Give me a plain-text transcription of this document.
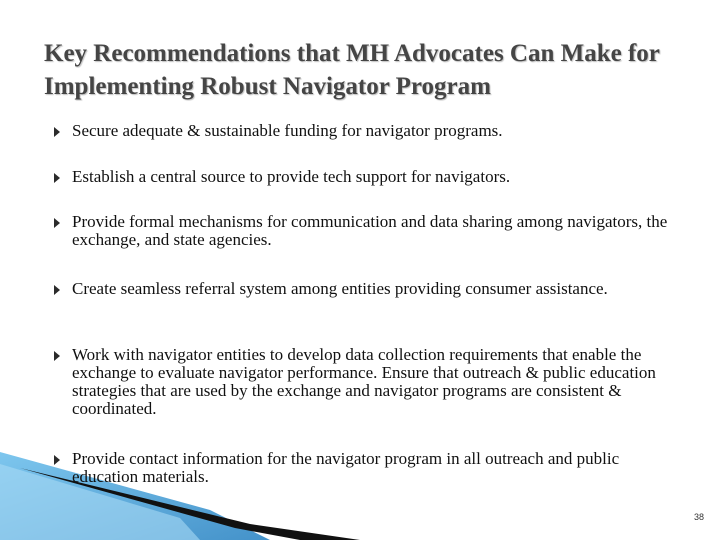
Key Recommendations that MH Advocates Can Make for Implementing Robust Navigator Program
Secure adequate & sustainable funding for navigator programs.
Establish a central source to provide tech support for navigators.
Provide formal mechanisms for communication and data sharing among navigators, the exchange, and state agencies.
Create seamless referral system among entities providing consumer assistance.
Work with navigator entities to develop data collection requirements that enable the exchange to evaluate navigator performance. Ensure that outreach & public education strategies that are used by the exchange and navigator programs are consistent & coordinated.
Provide contact information for the navigator program in all outreach and public education materials.
38
